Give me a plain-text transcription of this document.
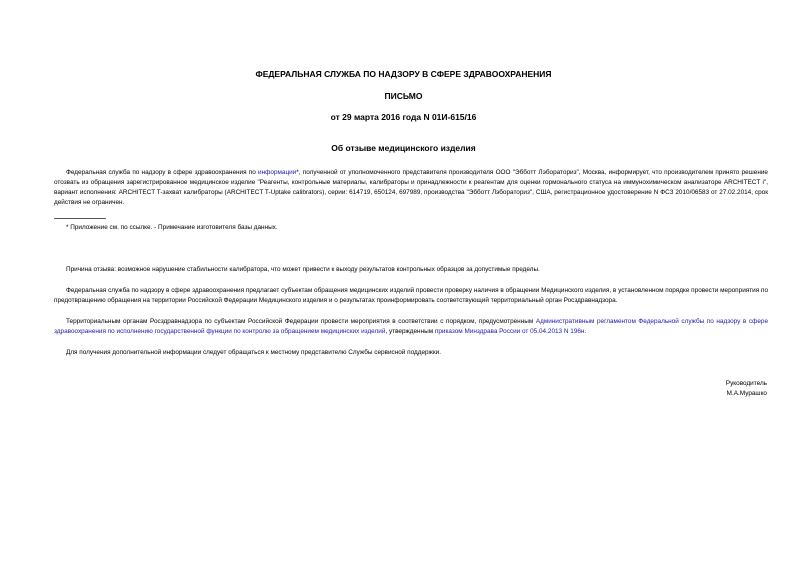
ФЕДЕРАЛЬНАЯ СЛУЖБА ПО НАДЗОРУ В СФЕРЕ ЗДРАВООХРАНЕНИЯ
ПИСЬМО
от 29 марта 2016 года N 01И-615/16
Об отзыве медицинского изделия
Федеральная служба по надзору в сфере здравоохранения по информации*, полученной от уполномоченного представителя производителя ООО "Эбботт Лэбораториз", Москва, информирует, что производителем принято решение отозвать из обращения зарегистрированное медицинское изделие "Реагенты, контрольные материалы, калибраторы и принадлежности к реагентам для оценки гормонального статуса на иммунохимическом анализаторе ARCHITECT i", вариант исполнения: ARCHITECT T-захват калибраторы (ARCHITECT T-Uptake calibrators), серии: 614719, 650124, 697989, производства "Эбботт Лэбораториз", США, регистрационное удостоверение N ФСЗ 2010/06583 от 27.02.2014, срок действия не ограничен.
* Приложение см. по ссылке. - Примечание изготовителя базы данных.
Причина отзыва: возможное нарушение стабильности калибратора, что может привести к выходу результатов контрольных образцов за допустимые пределы.
Федеральная служба по надзору в сфере здравоохранения предлагает субъектам обращения медицинских изделий провести проверку наличия в обращении Медицинского изделия, в установленном порядке провести мероприятия по предотвращению обращения на территории Российской Федерации Медицинского изделия и о результатах проинформировать соответствующий территориальный орган Росздравнадзора.
Территориальным органам Росздравнадзора по субъектам Российской Федерации провести мероприятия в соответствии с порядком, предусмотренным Административным регламентом Федеральной службы по надзору в сфере здравоохранения по исполнению государственной функции по контролю за обращением медицинских изделий, утвержденным приказом Минздрава России от 05.04.2013 N 196н.
Для получения дополнительной информации следует обращаться к местному представителю Службы сервисной поддержки.
Руководитель
М.А.Мурашко
